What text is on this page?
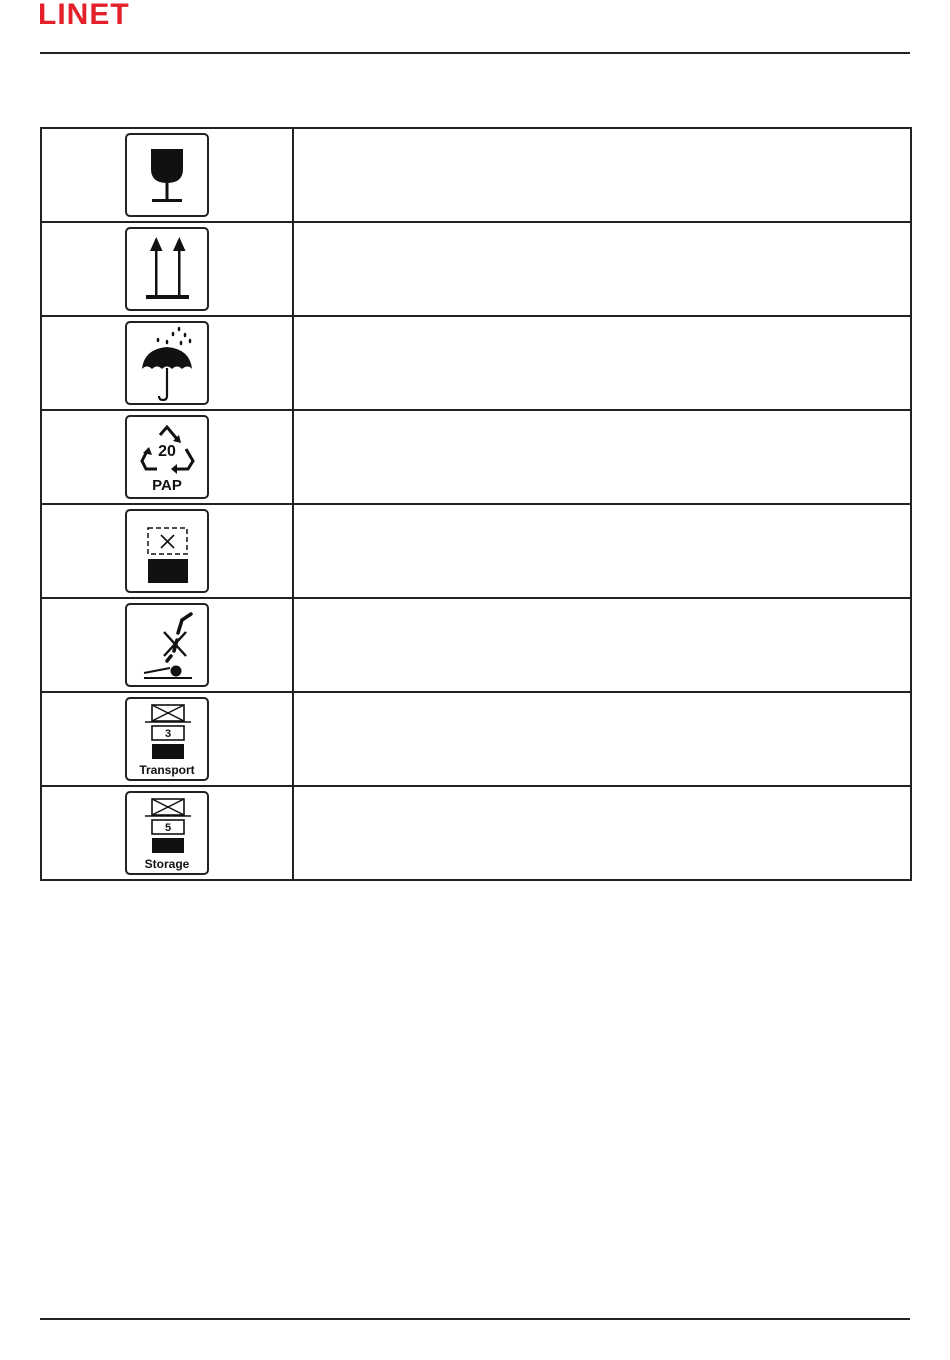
LINET

20
PAP	

3
Transport	

5
Storage	
